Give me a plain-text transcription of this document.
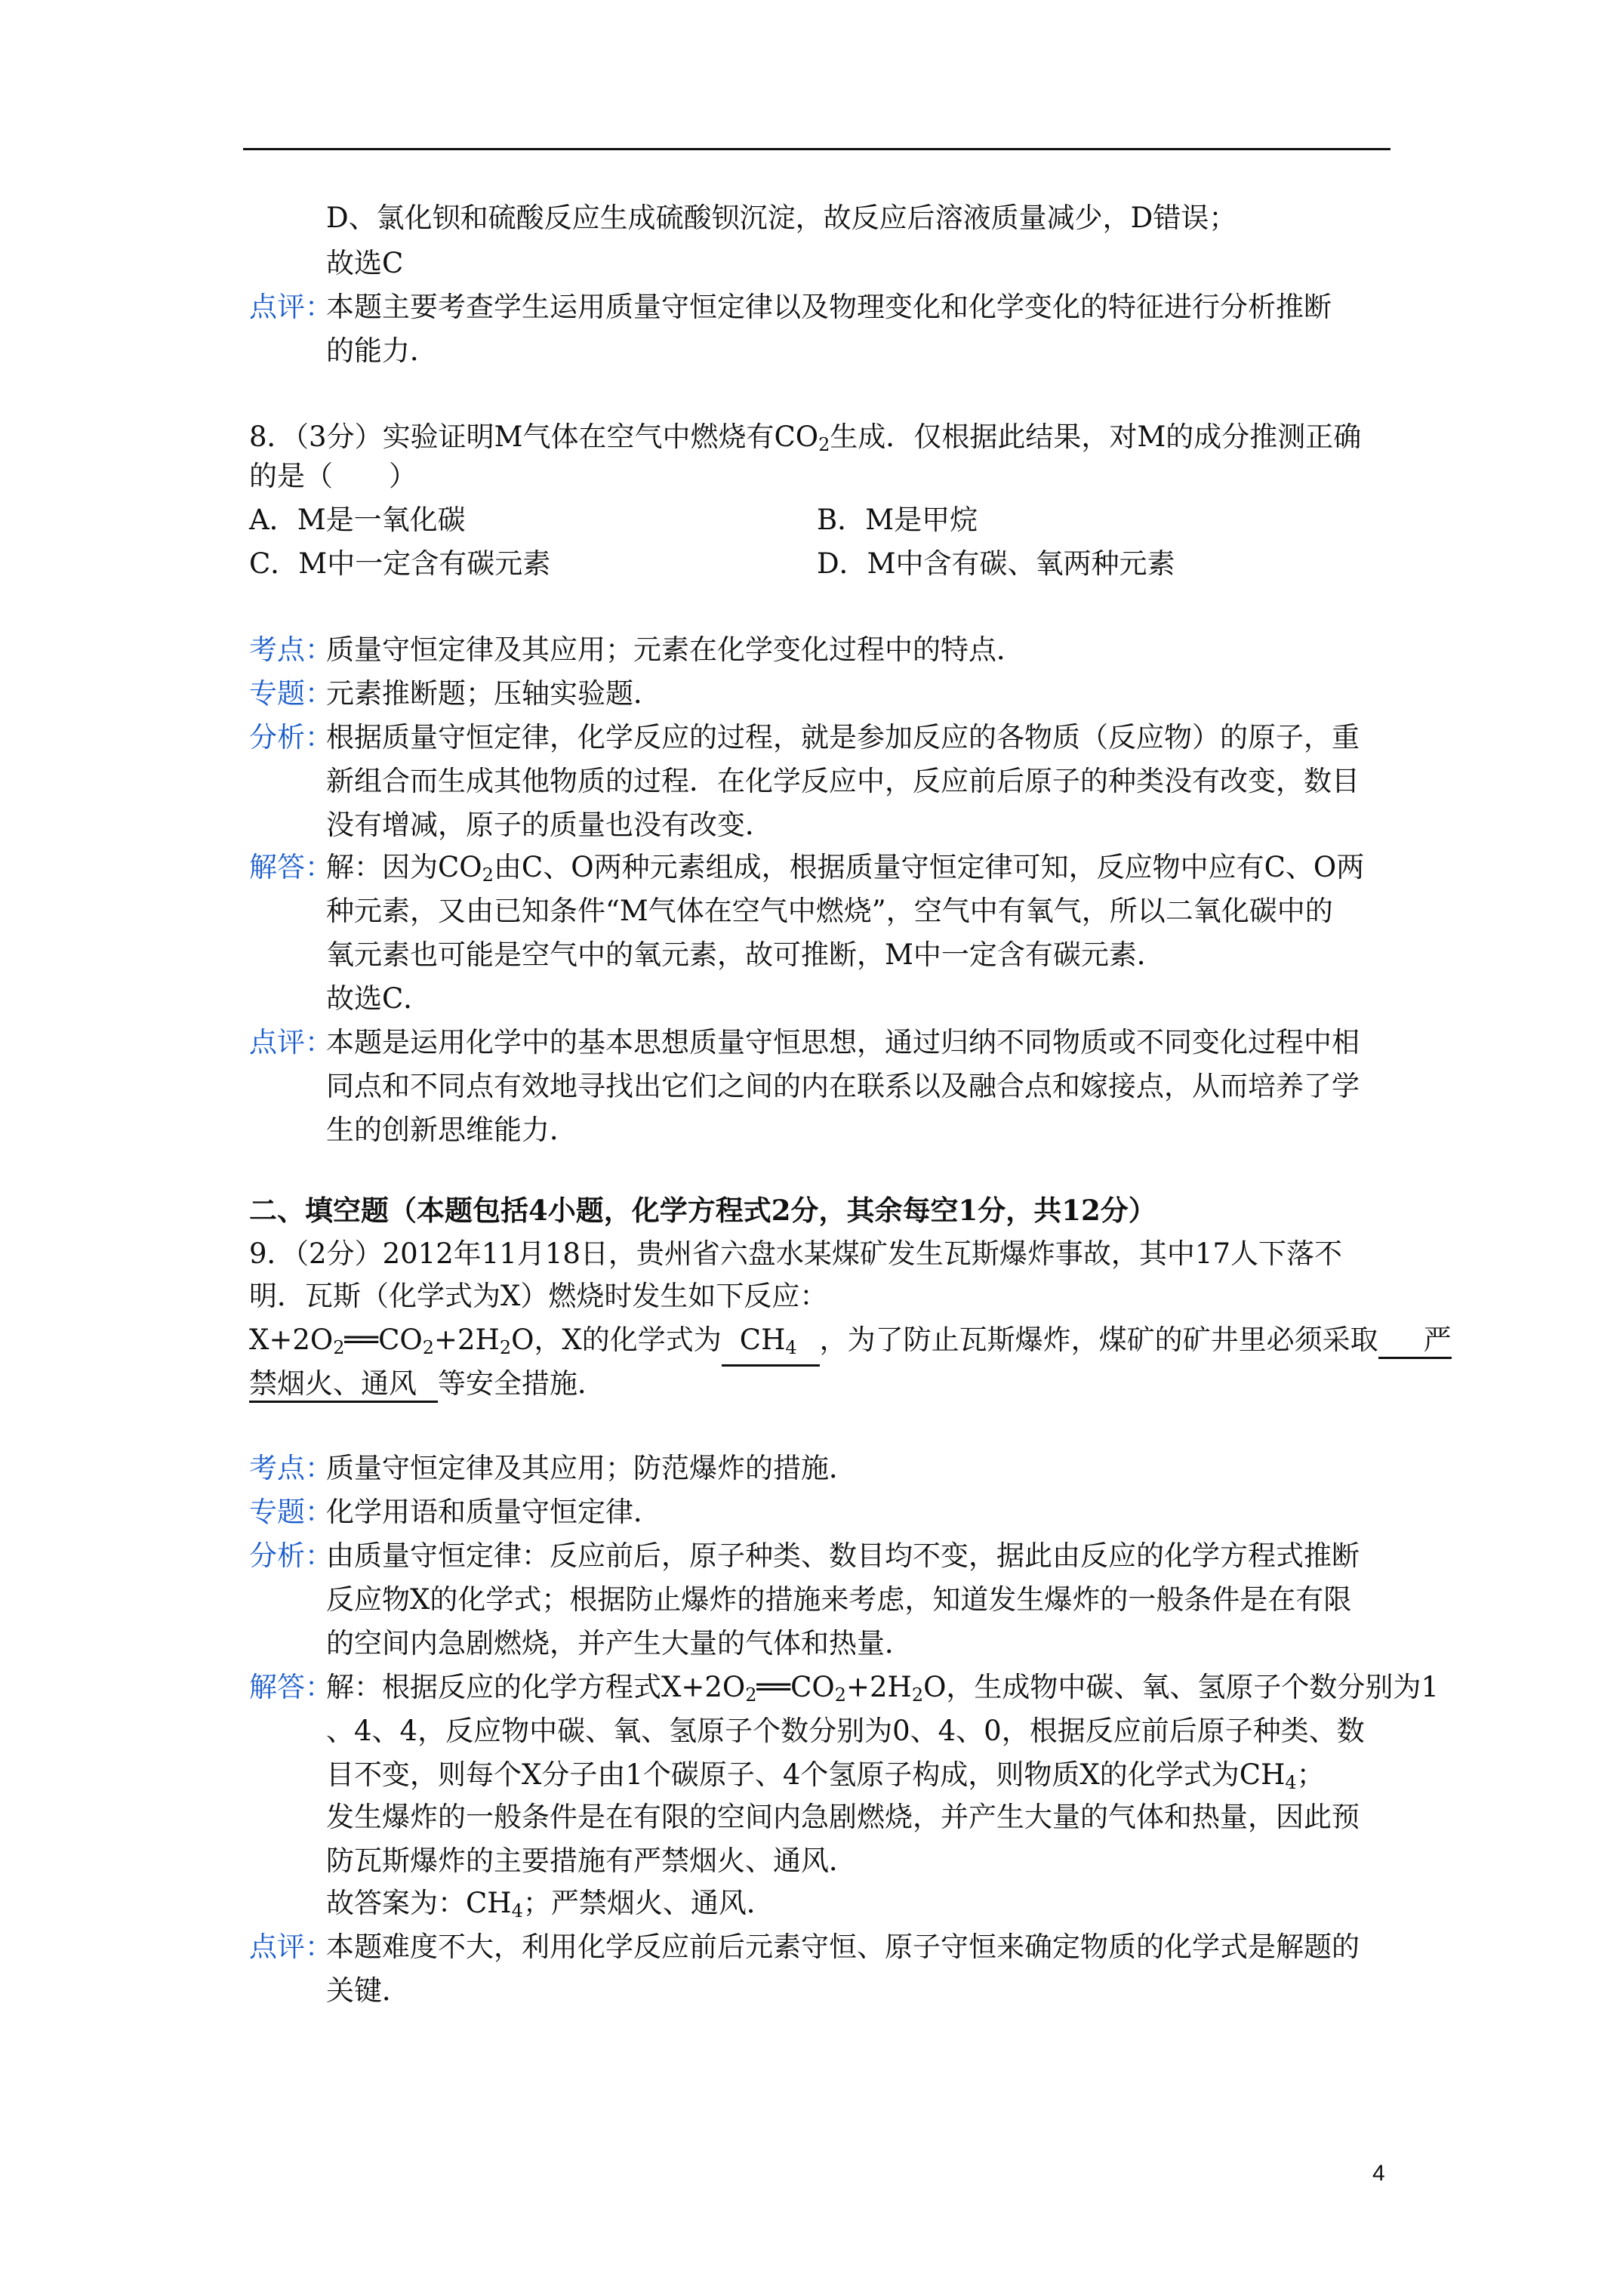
D、氯化钡和硫酸反应生成硫酸钡沉淀，故反应后溶液质量减少，D错误；
故选C
点评：
本题主要考查学生运用质量守恒定律以及物理变化和化学变化的特征进行分析推断
的能力．
8．（3分）实验证明M气体在空气中燃烧有$CO_2$生成．仅根据此结果，对M的成分推测正确
的是（　　）
A．M是一氧化碳	B．M是甲烷
C．M中一定含有碳元素	D．M中含有碳、氧两种元素
考点：
质量守恒定律及其应用；元素在化学变化过程中的特点．
专题：
元素推断题；压轴实验题．
分析：
根据质量守恒定律，化学反应的过程，就是参加反应的各物质（反应物）的原子，重
新组合而生成其他物质的过程．在化学反应中，反应前后原子的种类没有改变，数目
没有增减，原子的质量也没有改变．
解答：
解：因为$CO_2$由C、O两种元素组成，根据质量守恒定律可知，反应物中应有C、O两
种元素，又由已知条件“M气体在空气中燃烧”，空气中有氧气，所以二氧化碳中的
氧元素也可能是空气中的氧元素，故可推断，M中一定含有碳元素．
故选C．
点评：
本题是运用化学中的基本思想质量守恒思想，通过归纳不同物质或不同变化过程中相
同点和不同点有效地寻找出它们之间的内在联系以及融合点和嫁接点，从而培养了学
生的创新思维能力．
二、填空题（本题包括4小题，化学方程式2分，其余每空1分，共12分）
9．（2分）2012年11月18日，贵州省六盘水某煤矿发生瓦斯爆炸事故，其中17人下落不
明．瓦斯（化学式为X）燃烧时发生如下反应：
$X+2O_2══CO_2+2H_2O$，X的化学式为 $CH_4$ ，为了防止瓦斯爆炸，煤矿的矿井里必须采取 严
禁烟火、通风 等安全措施．
考点：
质量守恒定律及其应用；防范爆炸的措施．
专题：
化学用语和质量守恒定律．
分析：
由质量守恒定律：反应前后，原子种类、数目均不变，据此由反应的化学方程式推断
反应物X的化学式；根据防止爆炸的措施来考虑，知道发生爆炸的一般条件是在有限
的空间内急剧燃烧，并产生大量的气体和热量．
解答：
解：根据反应的化学方程式$X+2O_2══CO_2+2H_2O$，生成物中碳、氧、氢原子个数分别为1
、4、4，反应物中碳、氧、氢原子个数分别为0、4、0，根据反应前后原子种类、数
目不变，则每个X分子由1个碳原子、4个氢原子构成，则物质X的化学式为$CH_4$；
发生爆炸的一般条件是在有限的空间内急剧燃烧，并产生大量的气体和热量，因此预
防瓦斯爆炸的主要措施有严禁烟火、通风．
故答案为：$CH_4$；严禁烟火、通风．
点评：
本题难度不大，利用化学反应前后元素守恒、原子守恒来确定物质的化学式是解题的
关键．
4
